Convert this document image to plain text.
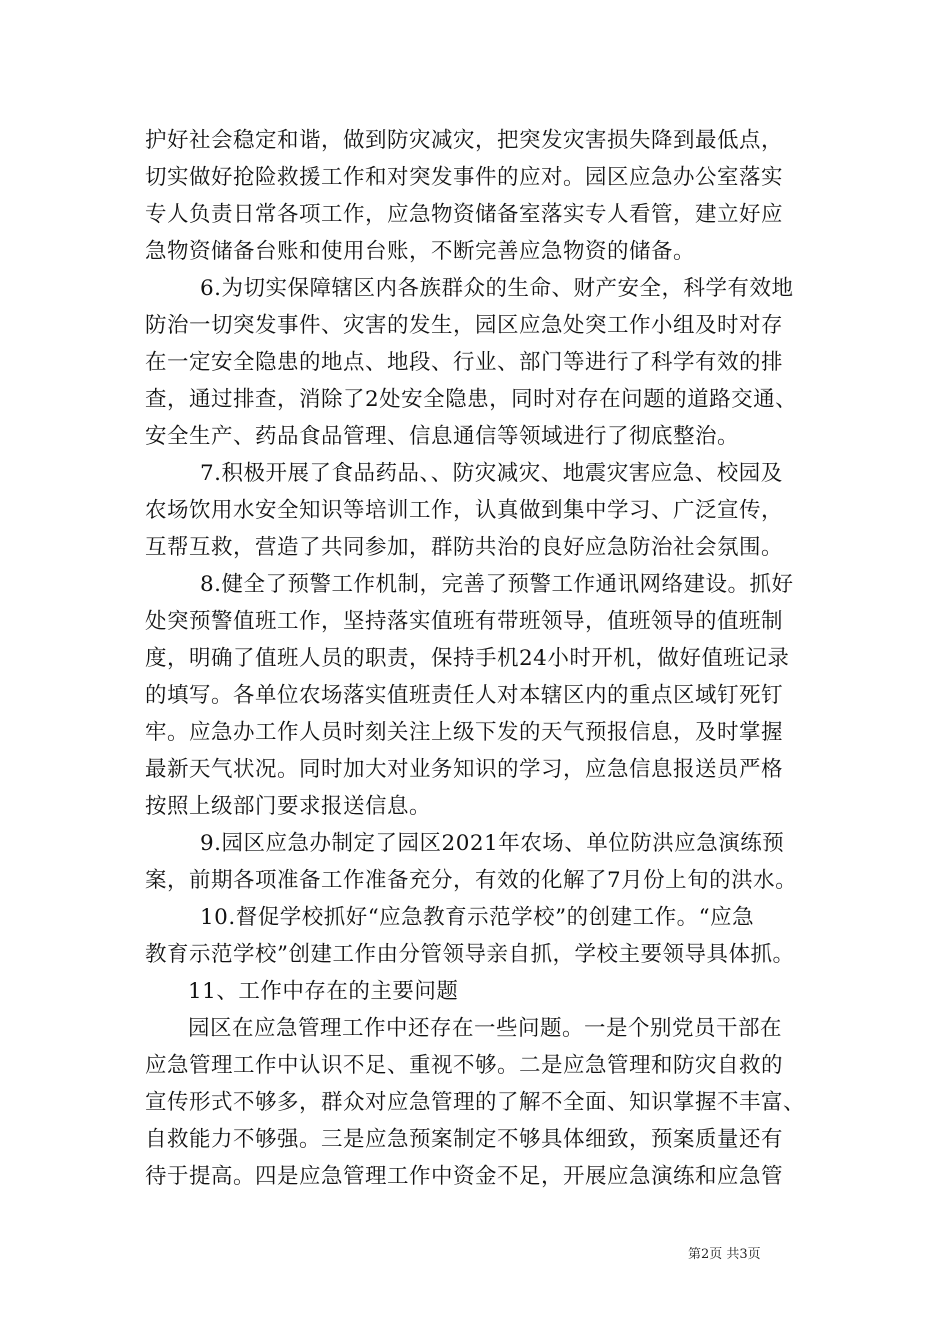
护好社会稳定和谐，做到防灾减灾，把突发灾害损失降到最低点，
切实做好抢险救援工作和对突发事件的应对。园区应急办公室落实
专人负责日常各项工作，应急物资储备室落实专人看管，建立好应
急物资储备台账和使用台账，不断完善应急物资的储备。

6.为切实保障辖区内各族群众的生命、财产安全，科学有效地
防治一切突发事件、灾害的发生，园区应急处突工作小组及时对存
在一定安全隐患的地点、地段、行业、部门等进行了科学有效的排
查，通过排查，消除了2处安全隐患，同时对存在问题的道路交通、
安全生产、药品食品管理、信息通信等领域进行了彻底整治。

7.积极开展了食品药品、、防灾减灾、地震灾害应急、校园及
农场饮用水安全知识等培训工作，认真做到集中学习、广泛宣传，
互帮互救，营造了共同参加，群防共治的良好应急防治社会氛围。

8.健全了预警工作机制，完善了预警工作通讯网络建设。抓好
处突预警值班工作，坚持落实值班有带班领导，值班领导的值班制
度，明确了值班人员的职责，保持手机24小时开机，做好值班记录
的填写。各单位农场落实值班责任人对本辖区内的重点区域钉死钉
牢。应急办工作人员时刻关注上级下发的天气预报信息，及时掌握
最新天气状况。同时加大对业务知识的学习，应急信息报送员严格
按照上级部门要求报送信息。

9.园区应急办制定了园区2021年农场、单位防洪应急演练预
案，前期各项准备工作准备充分，有效的化解了7月份上旬的洪水。

10.督促学校抓好“应急教育示范学校”的创建工作。“应急
教育示范学校”创建工作由分管领导亲自抓，学校主要领导具体抓。

11、工作中存在的主要问题

园区在应急管理工作中还存在一些问题。一是个别党员干部在
应急管理工作中认识不足、重视不够。二是应急管理和防灾自救的
宣传形式不够多，群众对应急管理的了解不全面、知识掌握不丰富、
自救能力不够强。三是应急预案制定不够具体细致，预案质量还有
待于提高。四是应急管理工作中资金不足，开展应急演练和应急管

第2页 共3页
